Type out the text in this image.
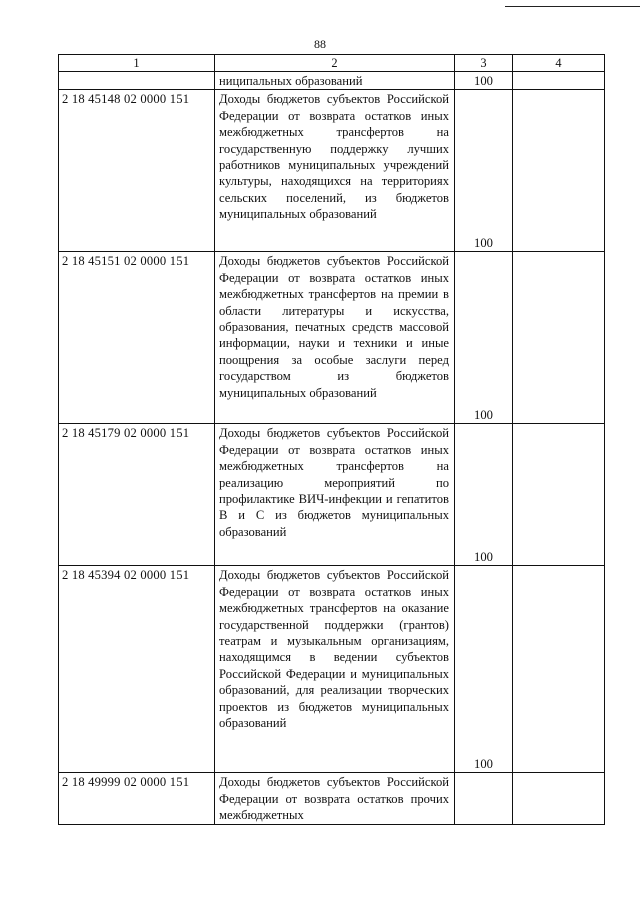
88
1	2	3	4

	ниципальных образований	100	
2 18 45148 02 0000 151	Доходы бюджетов субъектов Российской Федерации от возврата остатков иных межбюджетных трансфертов на государственную поддержку лучших работников муниципальных учреждений культуры, находящихся на территориях сельских поселений, из бюджетов муниципальных образований	100	
2 18 45151 02 0000 151	Доходы бюджетов субъектов Российской Федерации от возврата остатков иных межбюджетных трансфертов на премии в области литературы и искусства, образования, печатных средств массовой информации, науки и техники и иные поощрения за особые заслуги перед государством из бюджетов муниципальных образований	100	
2 18 45179 02 0000 151	Доходы бюджетов субъектов Российской Федерации от возврата остатков иных межбюджетных трансфертов на реализацию мероприятий по профилактике ВИЧ-инфекции и гепатитов В и С из бюджетов муниципальных образований	100	
2 18 45394 02 0000 151	Доходы бюджетов субъектов Российской Федерации от возврата остатков иных межбюджетных трансфертов на оказание государственной поддержки (грантов) театрам и музыкальным организациям, находящимся в ведении субъектов Российской Федерации и муниципальных образований, для реализации творческих проектов из бюджетов муниципальных образований	100	
2 18 49999 02 0000 151	Доходы бюджетов субъектов Российской Федерации от возврата остатков прочих межбюджетных		
